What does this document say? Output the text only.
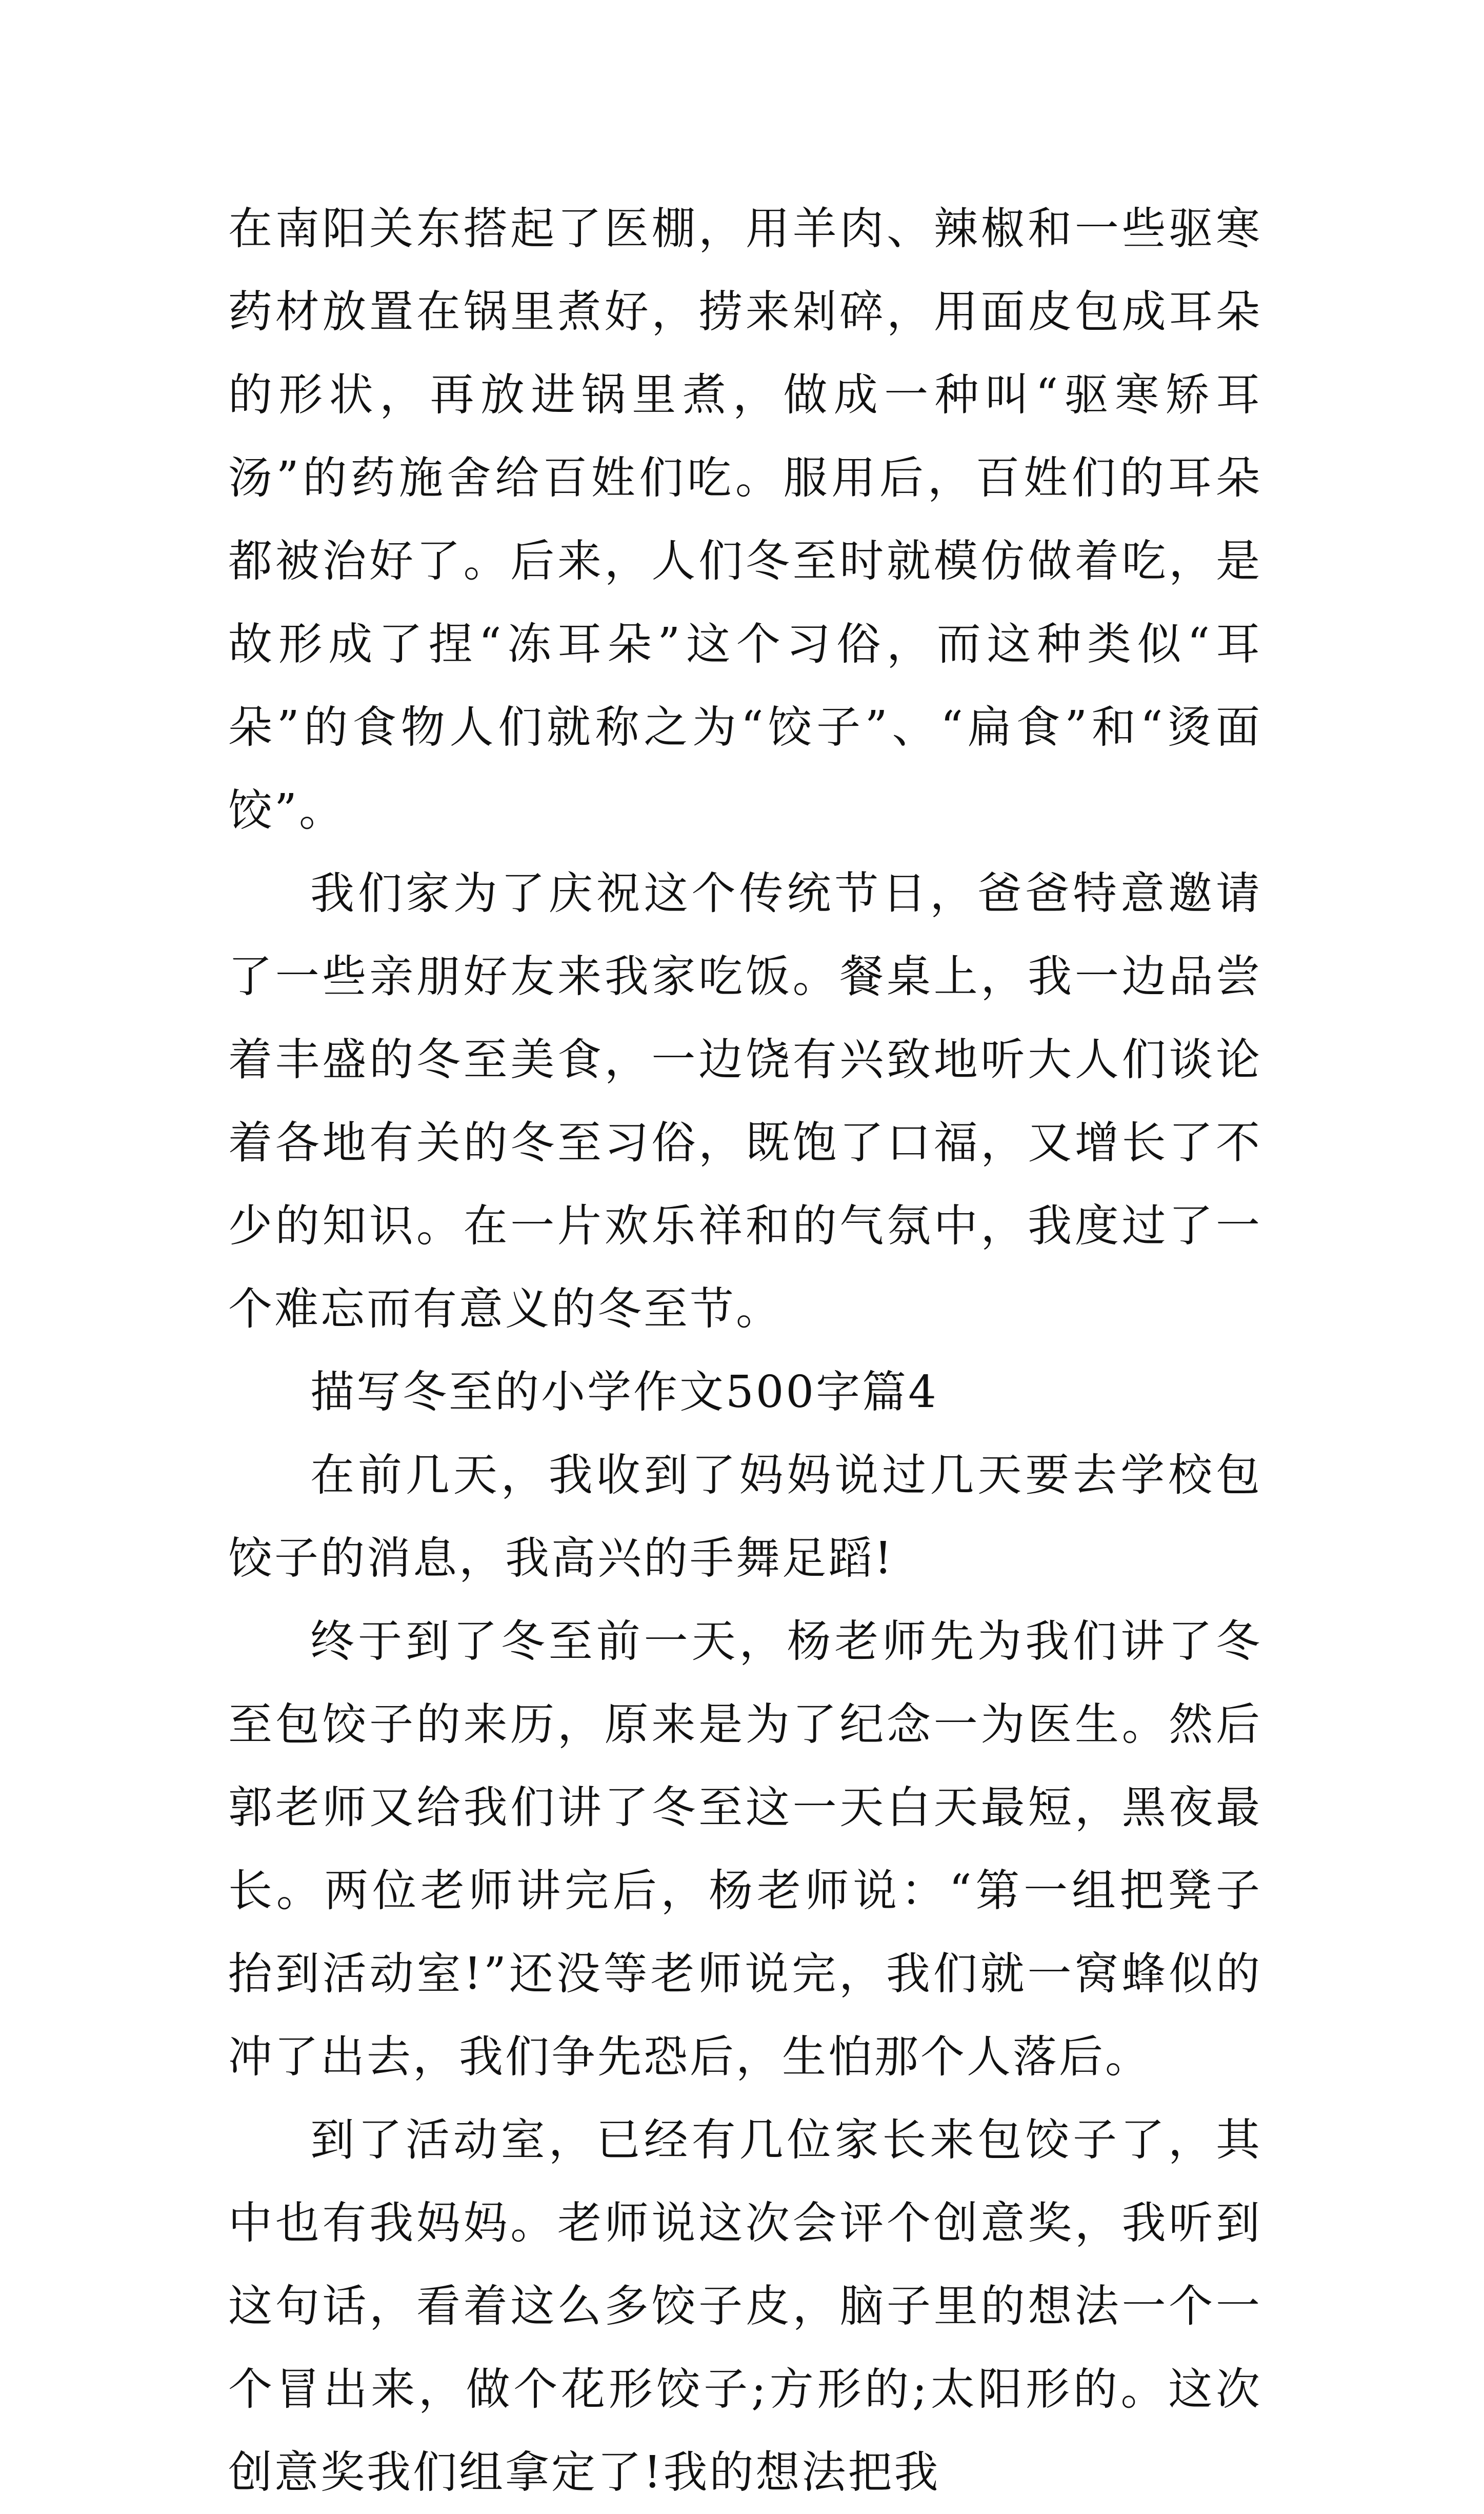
在南阳关东搭起了医棚，用羊肉、辣椒和一些驱寒药材放置在锅里煮好，捞来剁碎，用面皮包成耳朵的形状，再放进锅里煮，做成一种叫“驱寒矫耳汤”的药施舍给百姓们吃。服用后，百姓们的耳朵都被治好了。后来，人们冬至时就模仿做着吃，是故形成了捏“冻耳朵”这个习俗，而这种类似“耳朵”的食物人们就称之为“饺子”、“扁食”和“烫面饺”。

我们家为了庆祝这个传统节日，爸爸特意邀请了一些亲朋好友来我家吃饭。餐桌上，我一边品尝着丰盛的冬至美食，一边饶有兴致地听大人们谈论着各地有关的冬至习俗，既饱了口福，又增长了不少的知识。在一片欢乐祥和的气氛中，我度过了一个难忘而有意义的冬至节。

描写冬至的小学作文500字篇4

在前几天，我收到了妈妈说过几天要去学校包饺子的消息，我高兴的手舞足蹈!

终于到了冬至前一天，杨老师先为我们讲了冬至包饺子的来历，原来是为了纪念一为医生。然后郭老师又给我们讲了冬至这一天白天最短，黑夜最长。两位老师讲完后，杨老师说：“第一组把凳子抬到活动室!”还没等老师说完，我们就一窝蜂似的冲了出去，我们争先恐后，生怕那个人落后。

到了活动室，已经有几位家长来包饺子了，其中也有我妈妈。老师说这次会评个创意奖，我听到这句话，看着这么多饺子皮，脑子里的想法一个一个冒出来，做个花形饺子;方形的;太阳形的。这次创意奖我们组拿定了!我的想法把我
